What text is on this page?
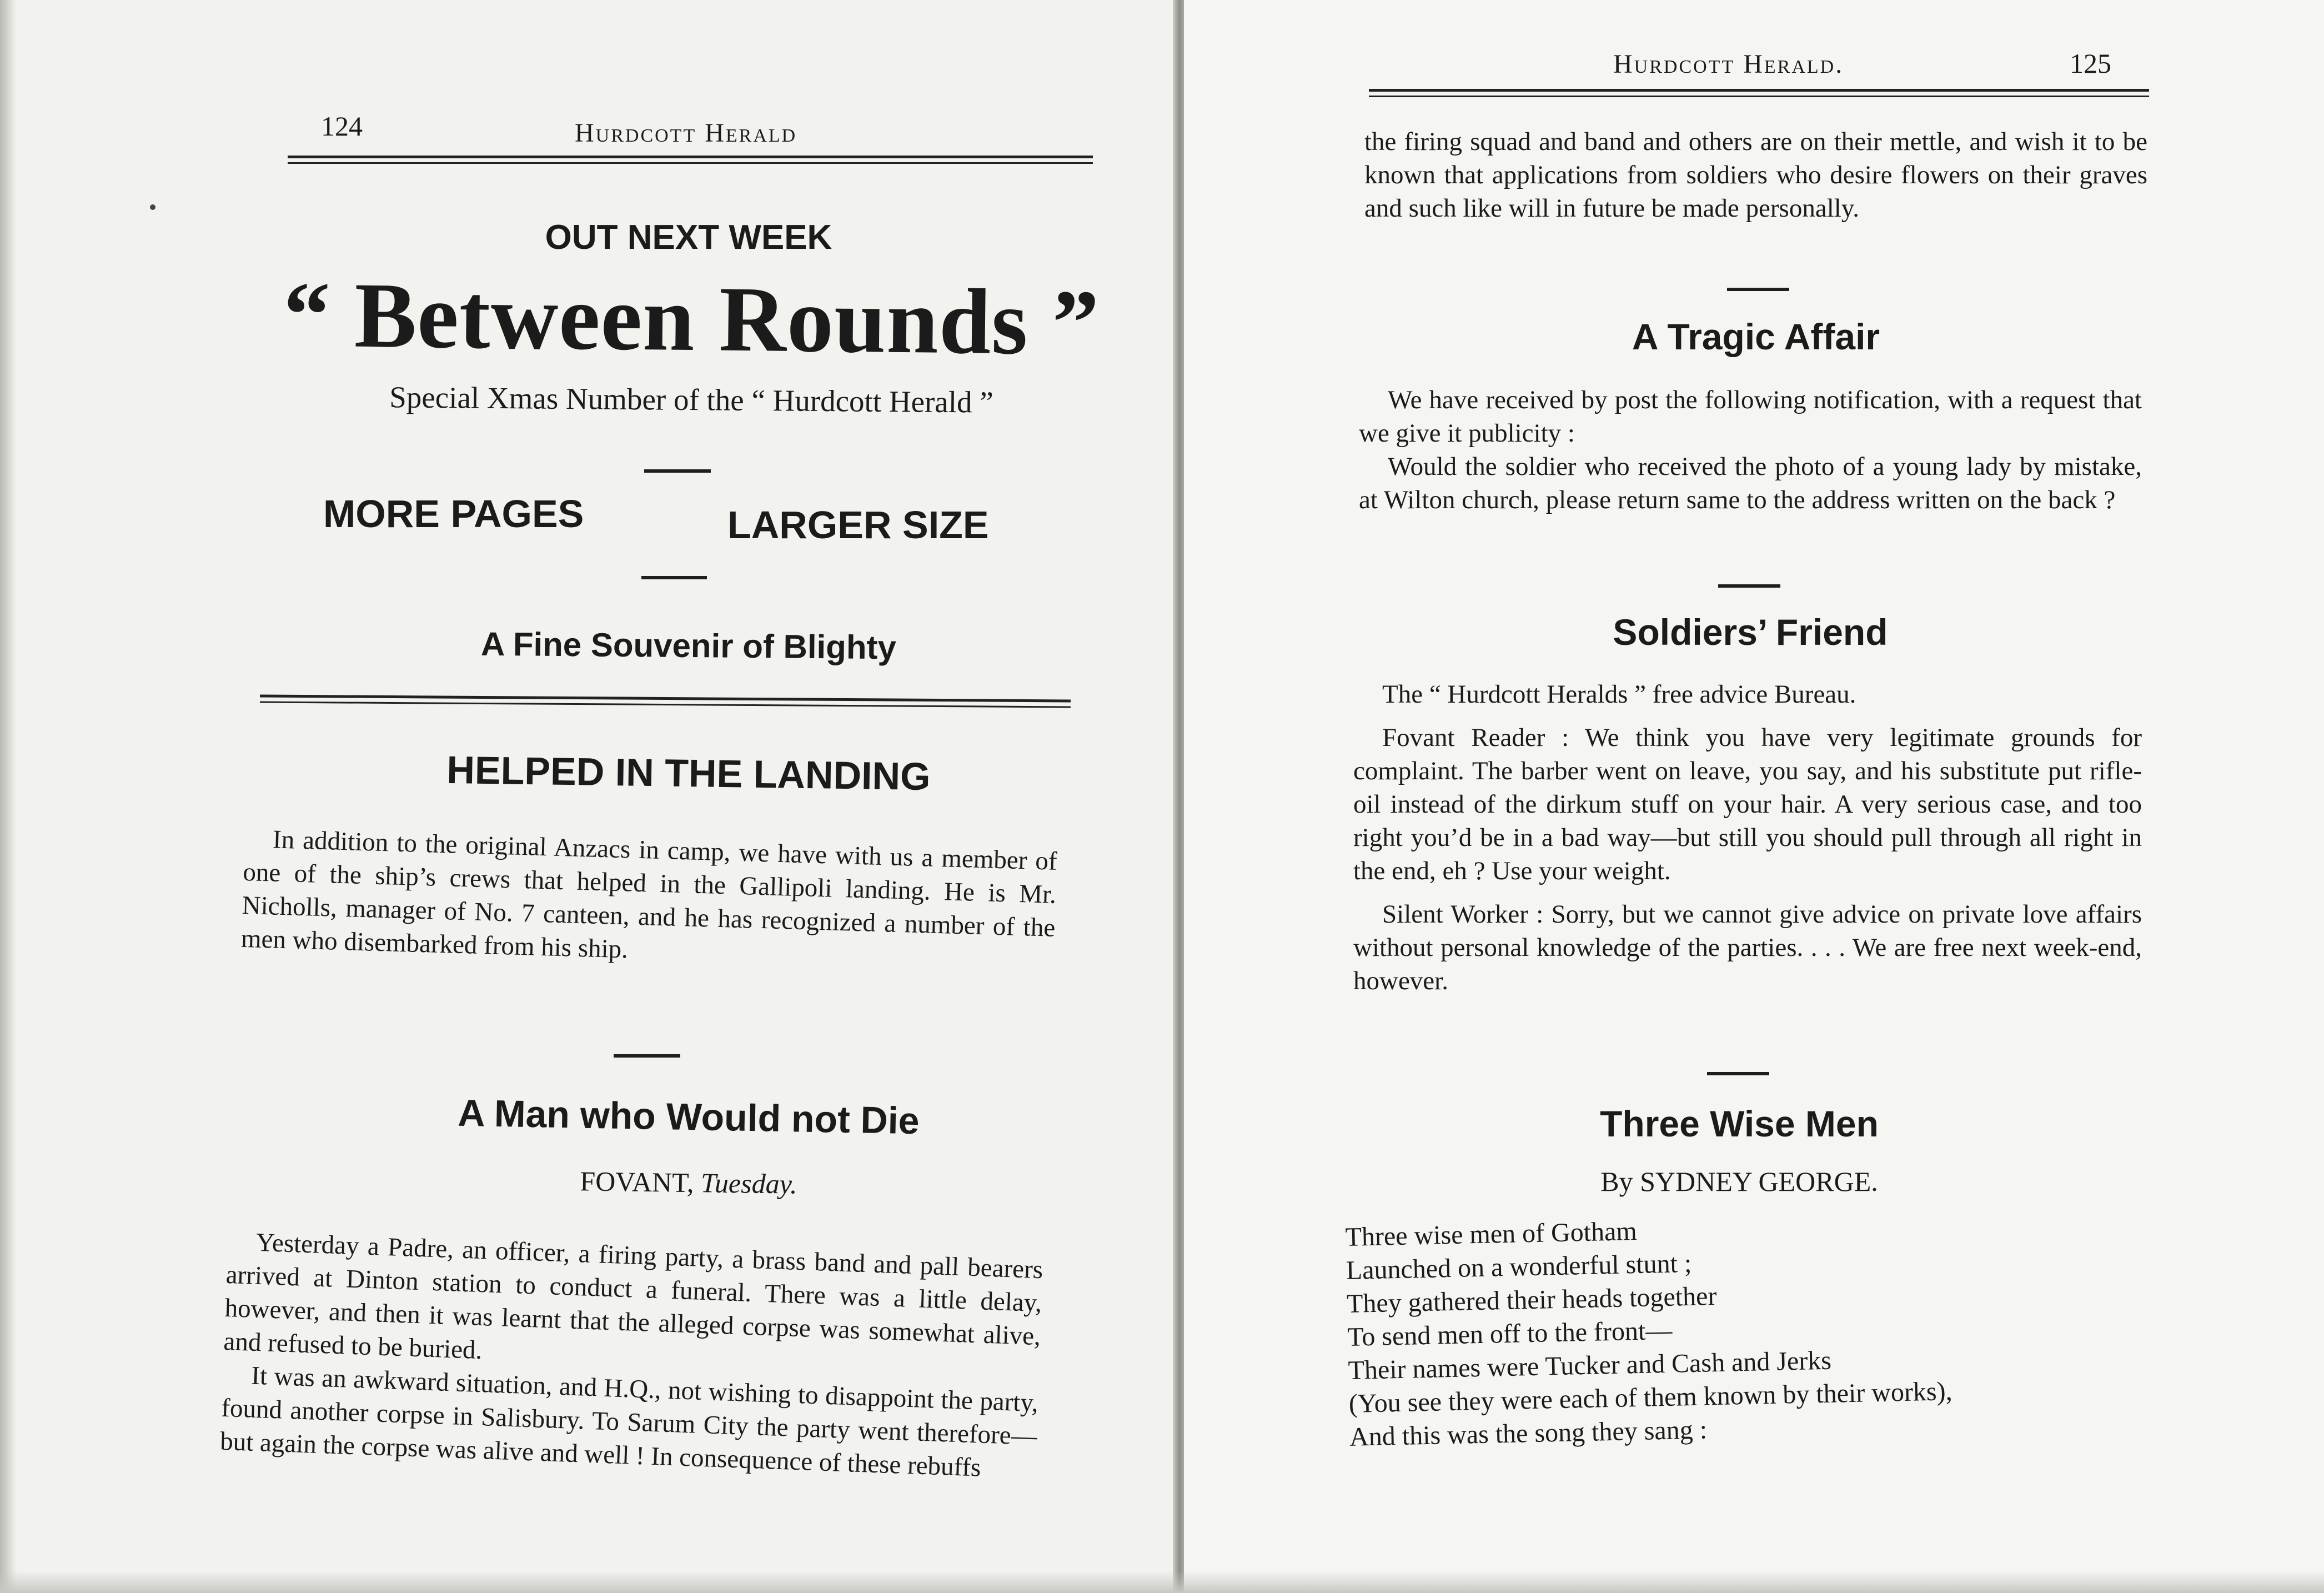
124	Hurdcott Herald
OUT NEXT WEEK
“ Between Rounds ”
Special Xmas Number of the “ Hurdcott Herald ”
MORE PAGES	LARGER SIZE
A Fine Souvenir of Blighty
HELPED IN THE LANDING

In addition to the original Anzacs in camp, we have with us a member of one of the ship’s crews that helped in the Gallipoli landing. He is Mr. Nicholls, manager of No. 7 canteen, and he has recognized a number of the men who disembarked from his ship.

A Man who Would not Die
FOVANT, Tuesday.

Yesterday a Padre, an officer, a firing party, a brass band and pall bearers arrived at Dinton station to conduct a funeral. There was a little delay, however, and then it was learnt that the alleged corpse was somewhat alive, and refused to be buried.

It was an awkward situation, and H.Q., not wishing to disappoint the party, found another corpse in Salisbury. To Sarum City the party went therefore—but again the corpse was alive and well ! In consequence of these rebuffs

Hurdcott Herald.	125

the firing squad and band and others are on their mettle, and wish it to be known that applications from soldiers who desire flowers on their graves and such like will in future be made personally.

A Tragic Affair

We have received by post the following notification, with a request that we give it publicity :

Would the soldier who received the photo of a young lady by mistake, at Wilton church, please return same to the address written on the back ?

Soldiers’ Friend

The “ Hurdcott Heralds ” free advice Bureau.

Fovant Reader : We think you have very legitimate grounds for complaint. The barber went on leave, you say, and his substitute put rifle-oil instead of the dirkum stuff on your hair. A very serious case, and too right you’d be in a bad way—but still you should pull through all right in the end, eh ? Use your weight.

Silent Worker : Sorry, but we cannot give advice on private love affairs without personal knowledge of the parties. . . . We are free next week-end, however.

Three Wise Men
By SYDNEY GEORGE.
Three wise men of Gotham
Launched on a wonderful stunt ;
They gathered their heads together
To send men off to the front—
Their names were Tucker and Cash and Jerks
(You see they were each of them known by their works),
And this was the song they sang :
